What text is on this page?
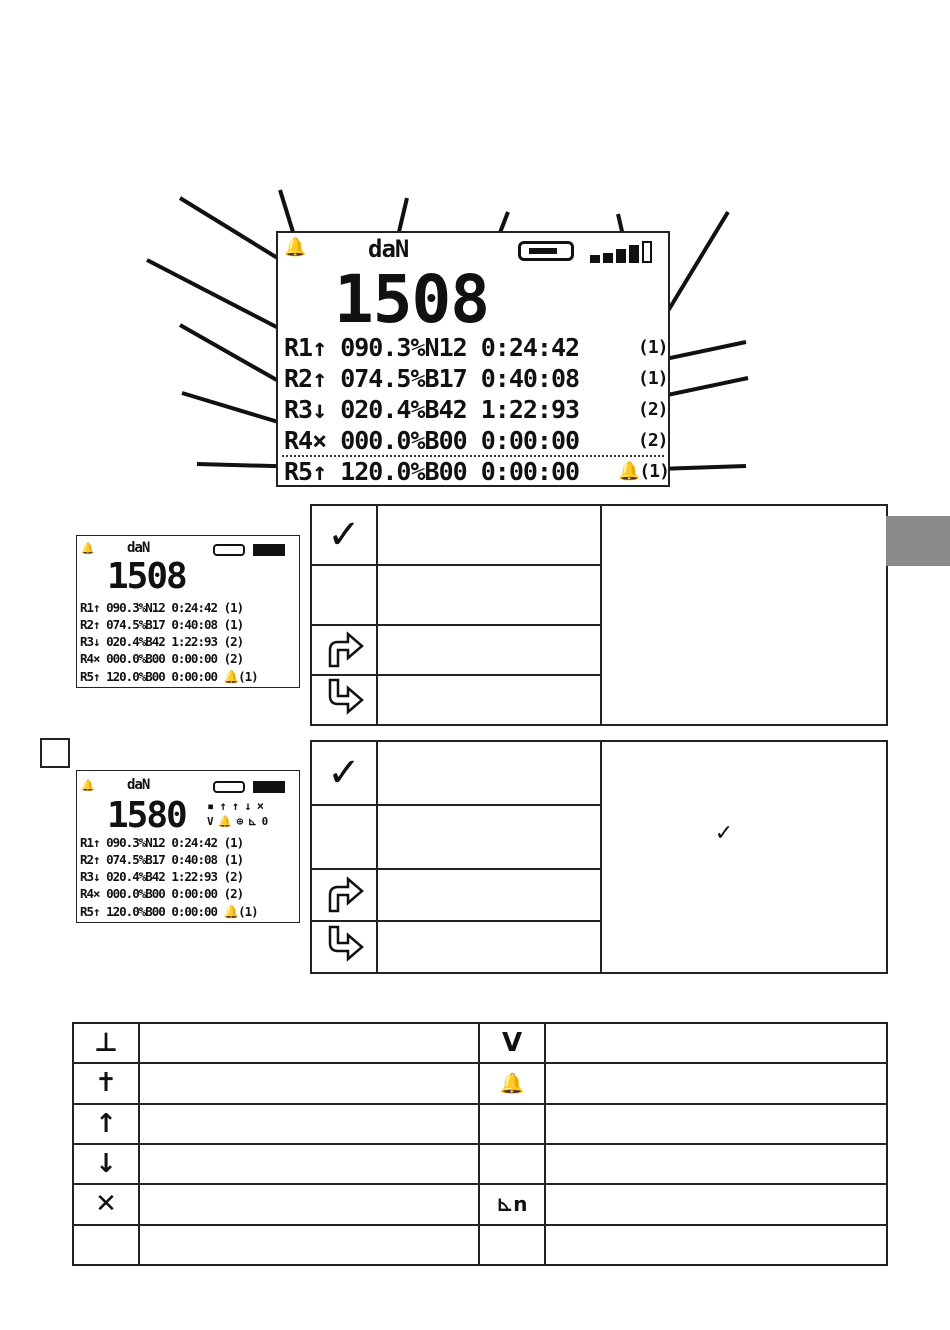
🔔	daN
1508
R1↑ 090.3%N12 0:24:42	(1)
R2↑ 074.5%B17 0:40:08	(1)
R3↓ 020.4%B42 1:22:93	(2)
R4× 000.0%B00 0:00:00	(2)
R5↑ 120.0%B00 0:00:00 🔔(1)
🔔 daN
1508
R1↑ 090.3%N12 0:24:42 (1)
R2↑ 074.5%B17 0:40:08 (1)
R3↓ 020.4%B42 1:22:93 (2)
R4× 000.0%B00 0:00:00 (2)
R5↑ 120.0%B00 0:00:00 🔔(1)
✓		

🔔 daN
1580 ▪ ↑ ↑ ↓ ×
V 🔔 ⊕ ⊾ 0
R1↑ 090.3%N12 0:24:42 (1)
R2↑ 074.5%B17 0:40:08 (1)
R3↓ 020.4%B42 1:22:93 (2)
R4× 000.0%B00 0:00:00 (2)
R5↑ 120.0%B00 0:00:00 🔔(1)
✓		✓

⊥		V	
✝		🔔	
↑			
↓			
✕		⊾n	
